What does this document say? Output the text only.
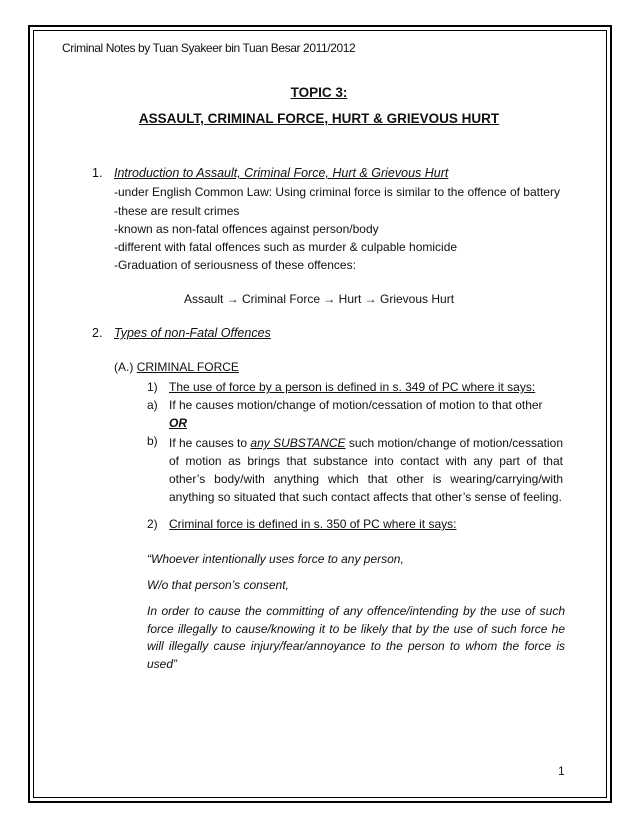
Criminal Notes by Tuan Syakeer bin Tuan Besar 2011/2012
TOPIC 3:
ASSAULT, CRIMINAL FORCE, HURT & GRIEVOUS HURT
1. Introduction to Assault, Criminal Force, Hurt & Grievous Hurt
-under English Common Law: Using criminal force is similar to the offence of battery
-these are result crimes
-known as non-fatal offences against person/body
-different with fatal offences such as murder & culpable homicide
-Graduation of seriousness of these offences:
Assault → Criminal Force → Hurt → Grievous Hurt
2. Types of non-Fatal Offences
(A.) CRIMINAL FORCE
1) The use of force by a person is defined in s. 349 of PC where it says:
a) If he causes motion/change of motion/cessation of motion to that other
OR
b) If he causes to any SUBSTANCE such motion/change of motion/cessation of motion as brings that substance into contact with any part of that other’s body/with anything which that other is wearing/carrying/with anything so situated that such contact affects that other’s sense of feeling.
2) Criminal force is defined in s. 350 of PC where it says:
“Whoever intentionally uses force to any person,
W/o that person’s consent,
In order to cause the committing of any offence/intending by the use of such force illegally to cause/knowing it to be likely that by the use of such force he will illegally cause injury/fear/annoyance to the person to whom the force is used”
1
